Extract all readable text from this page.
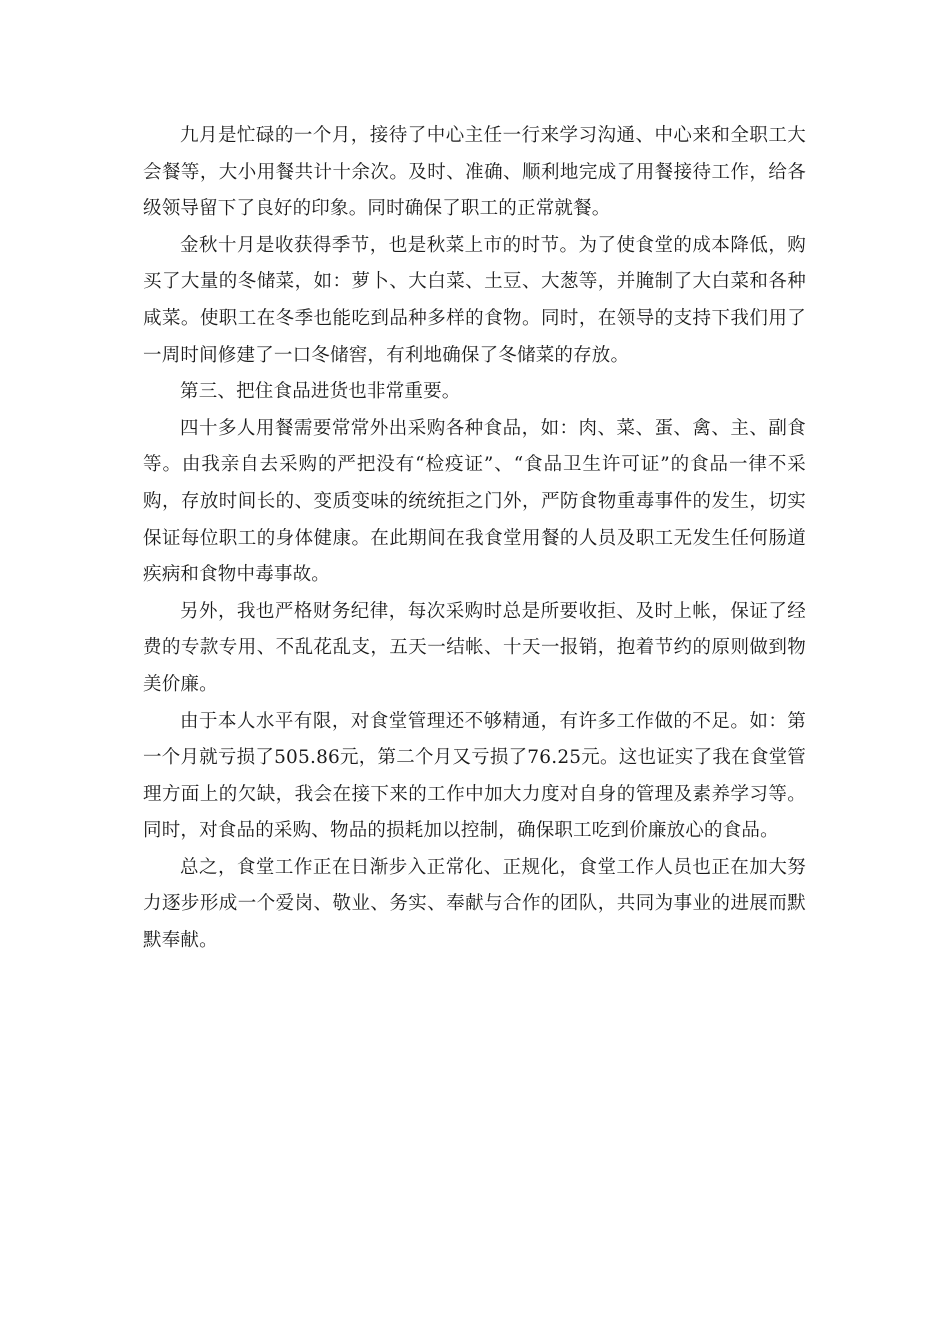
九月是忙碌的一个月，接待了中心主任一行来学习沟通、中心来和全职工大会餐等，大小用餐共计十余次。及时、准确、顺利地完成了用餐接待工作，给各级领导留下了良好的印象。同时确保了职工的正常就餐。

金秋十月是收获得季节，也是秋菜上市的时节。为了使食堂的成本降低，购买了大量的冬储菜，如：萝卜、大白菜、土豆、大葱等，并腌制了大白菜和各种咸菜。使职工在冬季也能吃到品种多样的食物。同时，在领导的支持下我们用了一周时间修建了一口冬储窖，有利地确保了冬储菜的存放。

第三、把住食品进货也非常重要。

四十多人用餐需要常常外出采购各种食品，如：肉、菜、蛋、禽、主、副食等。由我亲自去采购的严把没有“检疫证”、“食品卫生许可证”的食品一律不采购，存放时间长的、变质变味的统统拒之门外，严防食物重毒事件的发生，切实保证每位职工的身体健康。在此期间在我食堂用餐的人员及职工无发生任何肠道疾病和食物中毒事故。

另外，我也严格财务纪律，每次采购时总是所要收拒、及时上帐，保证了经费的专款专用、不乱花乱支，五天一结帐、十天一报销，抱着节约的原则做到物美价廉。

由于本人水平有限，对食堂管理还不够精通，有许多工作做的不足。如：第一个月就亏损了505.86元，第二个月又亏损了76.25元。这也证实了我在食堂管理方面上的欠缺，我会在接下来的工作中加大力度对自身的管理及素养学习等。同时，对食品的采购、物品的损耗加以控制，确保职工吃到价廉放心的食品。

总之，食堂工作正在日渐步入正常化、正规化，食堂工作人员也正在加大努力逐步形成一个爱岗、敬业、务实、奉献与合作的团队，共同为事业的进展而默默奉献。
